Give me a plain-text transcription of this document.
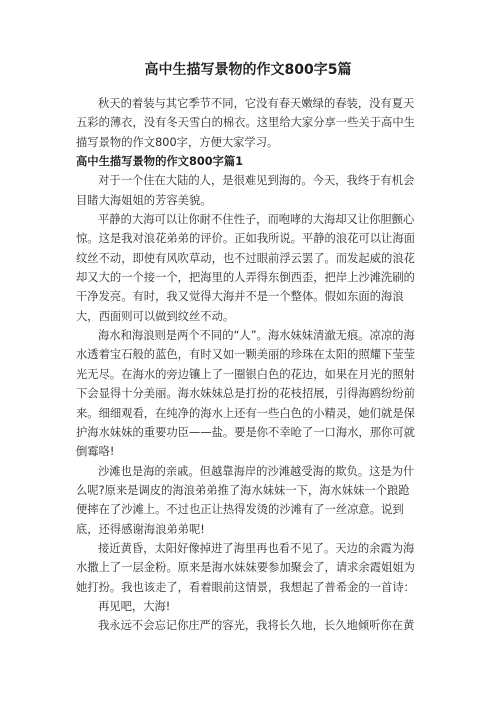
高中生描写景物的作文800字5篇

秋天的着装与其它季节不同，它没有春天嫩绿的春装，没有夏天五彩的薄衣，没有冬天雪白的棉衣。这里给大家分享一些关于高中生描写景物的作文800字，方便大家学习。

高中生描写景物的作文800字篇1

对于一个住在大陆的人，是很难见到海的。今天，我终于有机会目睹大海姐姐的芳容美貌。

平静的大海可以让你耐不住性子，而咆哮的大海却又让你胆颤心惊。这是我对浪花弟弟的评价。正如我所说。平静的浪花可以让海面纹丝不动，即使有风吹草动，也不过眼前浮云罢了。而发起威的浪花却又大的一个接一个，把海里的人弄得东倒西歪，把岸上沙滩洗刷的干净发亮。有时，我又觉得大海并不是一个整体。假如东面的海浪大，西面则可以做到纹丝不动。

海水和海浪则是两个不同的“人”。海水妹妹清澈无痕。凉凉的海水透着宝石般的蓝色，有时又如一颗美丽的珍珠在太阳的照耀下莹莹光无尽。在海水的旁边镶上了一圈银白色的花边，如果在月光的照射下会显得十分美丽。海水妹妹总是打扮的花枝招展，引得海鸥纷纷前来。细细观看，在纯净的海水上还有一些白色的小精灵，她们就是保护海水妹妹的重要功臣——盐。要是你不幸呛了一口海水，那你可就倒霉咯!

沙滩也是海的亲戚。但越靠海岸的沙滩越受海的欺负。这是为什么呢?原来是调皮的海浪弟弟推了海水妹妹一下，海水妹妹一个踉跄便摔在了沙滩上。不过也正让热得发烫的沙滩有了一丝凉意。说到底，还得感谢海浪弟弟呢!

接近黄昏，太阳好像掉进了海里再也看不见了。天边的余霞为海水撒上了一层金粉。原来是海水妹妹要参加聚会了，请求余霞姐姐为她打扮。我也该走了，看着眼前这情景，我想起了普希金的一首诗：

再见吧，大海!

我永远不会忘记你庄严的容光，我将长久地，长久地倾听你在黄
